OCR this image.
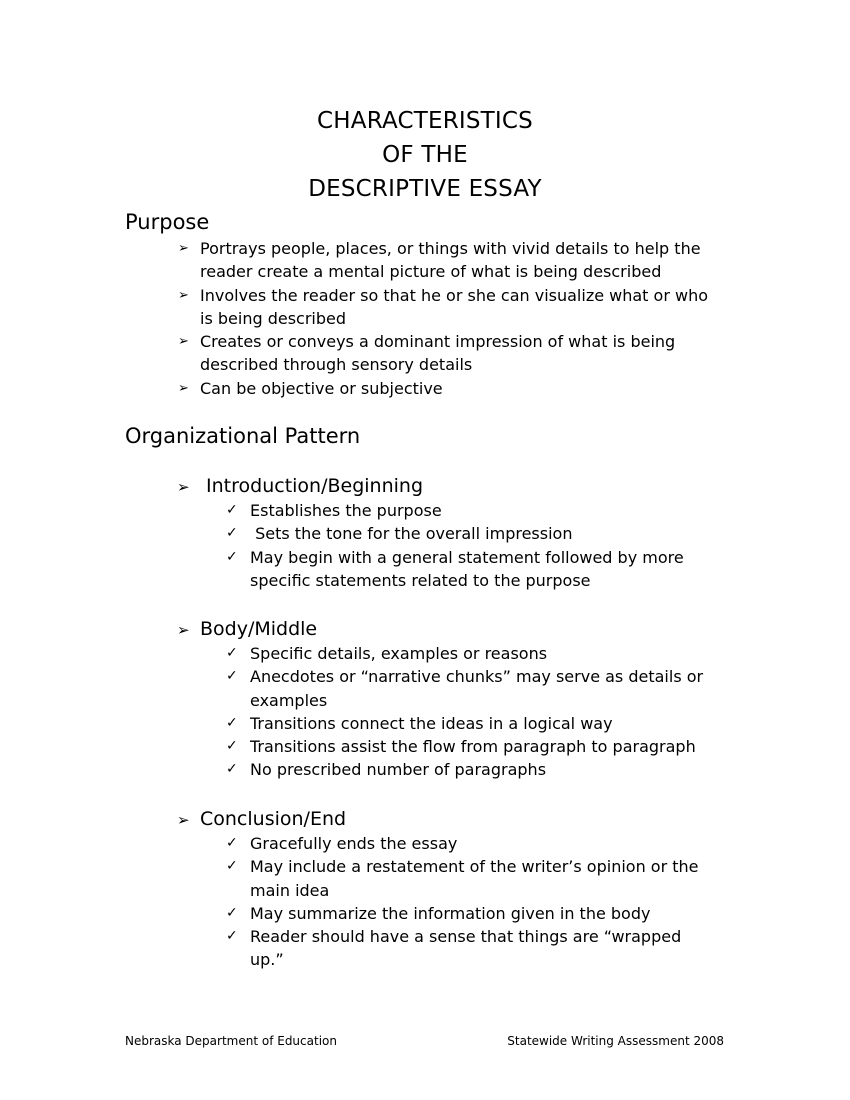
CHARACTERISTICS
OF THE
DESCRIPTIVE ESSAY
Purpose
➢ Portrays people, places, or things with vivid details to help the reader create a mental picture of what is being described
➢ Involves the reader so that he or she can visualize what or who is being described
➢ Creates or conveys a dominant impression of what is being described through sensory details
➢ Can be objective or subjective
Organizational Pattern
➢ Introduction/Beginning
✓ Establishes the purpose
✓ Sets the tone for the overall impression
✓ May begin with a general statement followed by more specific statements related to the purpose
➢ Body/Middle
✓ Specific details, examples or reasons
✓ Anecdotes or “narrative chunks” may serve as details or examples
✓ Transitions connect the ideas in a logical way
✓ Transitions assist the flow from paragraph to paragraph
✓ No prescribed number of paragraphs
➢ Conclusion/End
✓ Gracefully ends the essay
✓ May include a restatement of the writer’s opinion or the main idea
✓ May summarize the information given in the body
✓ Reader should have a sense that things are “wrapped up.”
Nebraska Department of Education	Statewide Writing Assessment 2008
